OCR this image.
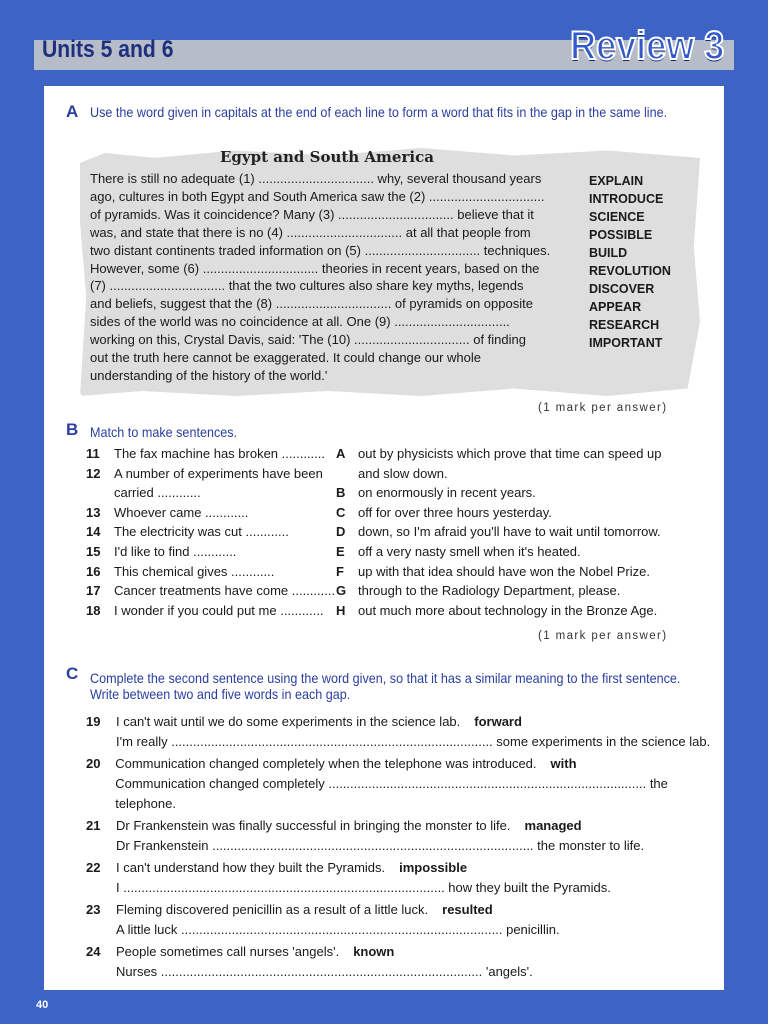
Units 5 and 6	Review 3
A Use the word given in capitals at the end of each line to form a word that fits in the gap in the same line.
Egypt and South America
There is still no adequate (1) ................................ why, several thousand years
ago, cultures in both Egypt and South America saw the (2) ................................
of pyramids. Was it coincidence? Many (3) ................................ believe that it
was, and state that there is no (4) ................................ at all that people from
two distant continents traded information on (5) ................................ techniques.
However, some (6) ................................ theories in recent years, based on the
(7) ................................ that the two cultures also share key myths, legends
and beliefs, suggest that the (8) ................................ of pyramids on opposite
sides of the world was no coincidence at all. One (9) ................................
working on this, Crystal Davis, said: 'The (10) ................................ of finding
out the truth here cannot be exaggerated. It could change our whole
understanding of the history of the world.'
EXPLAIN
INTRODUCE
SCIENCE
POSSIBLE
BUILD
REVOLUTION
DISCOVER
APPEAR
RESEARCH
IMPORTANT
(1 mark per answer)
B Match to make sentences.
11	The fax machine has broken ............ A out by physicists which prove that time can speed up
12	A number of experiments have been	and slow down.
carried ............	B on enormously in recent years.
13	Whoever came ............	C off for over three hours yesterday.
14	The electricity was cut ............	D down, so I'm afraid you'll have to wait until tomorrow.
15	I'd like to find ............	E	off a very nasty smell when it's heated.
16	This chemical gives ............	F	up with that idea should have won the Nobel Prize.
17	Cancer treatments have come ............ G through to the Radiology Department, please.
18	I wonder if you could put me ............ H out much more about technology in the Bronze Age.
(1 mark per answer)
C Complete the second sentence using the word given, so that it has a similar meaning to the first sentence. Write between two and five words in each gap.
19	I can't wait until we do some experiments in the science lab. forward
I'm really ......................................................................................... some experiments in the science lab.
20	Communication changed completely when the telephone was introduced. with
Communication changed completely ........................................................................................ the telephone.
21	Dr Frankenstein was finally successful in bringing the monster to life. managed
Dr Frankenstein ......................................................................................... the monster to life.
22	I can't understand how they built the Pyramids. impossible
I ......................................................................................... how they built the Pyramids.
23	Fleming discovered penicillin as a result of a little luck. resulted
A little luck ......................................................................................... penicillin.
24	People sometimes call nurses 'angels'. known
Nurses ......................................................................................... 'angels'.
40
